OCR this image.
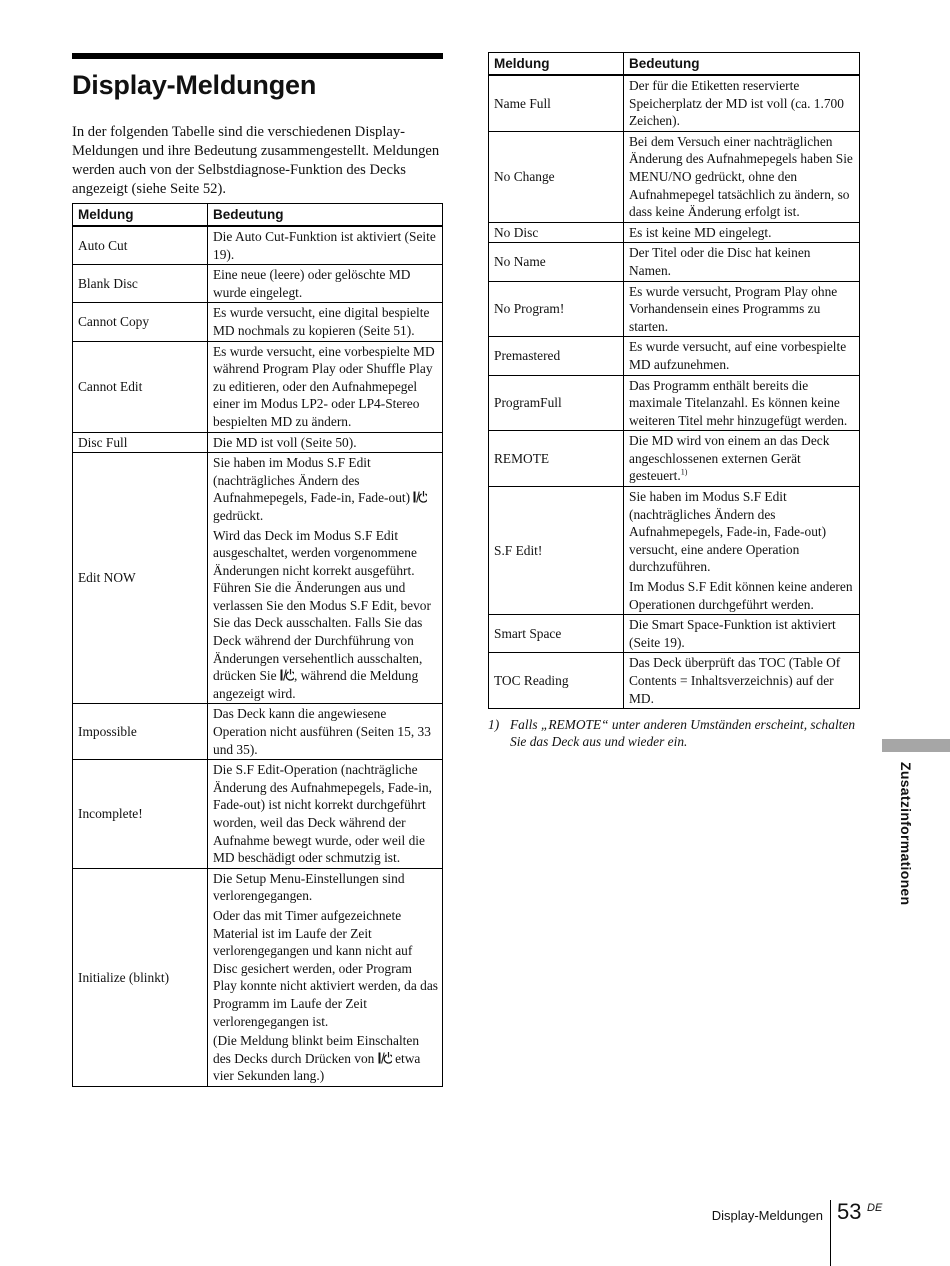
Display-Meldungen

In der folgenden Tabelle sind die verschiedenen Display-Meldungen und ihre Bedeutung zusammengestellt. Meldungen werden auch von der Selbstdiagnose-Funktion des Decks angezeigt (siehe Seite 52).

Meldung	Bedeutung
Auto Cut	Die Auto Cut-Funktion ist aktiviert (Seite 19).

Blank Disc	Eine neue (leere) oder gelöschte MD wurde eingelegt.

Cannot Copy	Es wurde versucht, eine digital bespielte MD nochmals zu kopieren (Seite 51).

Cannot Edit	Es wurde versucht, eine vorbespielte MD während Program Play oder Shuffle Play zu editieren, oder den Aufnahmepegel einer im Modus LP2- oder LP4-Stereo bespielten MD zu ändern.

Disc Full	Die MD ist voll (Seite 50).

Edit NOW	Sie haben im Modus S.F Edit (nachträgliches Ändern des Aufnahmepegels, Fade-in, Fade-out)  gedrückt.

Wird das Deck im Modus S.F Edit ausgeschaltet, werden vorgenommene Änderungen nicht korrekt ausgeführt. Führen Sie die Änderungen aus und verlassen Sie den Modus S.F Edit, bevor Sie das Deck ausschalten. Falls Sie das Deck während der Durchführung von Änderungen versehentlich ausschalten, drücken Sie , während die Meldung angezeigt wird.

Impossible	Das Deck kann die angewiesene Operation nicht ausführen (Seiten 15, 33 und 35).

Incomplete!	Die S.F Edit-Operation (nachträgliche Änderung des Aufnahmepegels, Fade-in, Fade-out) ist nicht korrekt durchgeführt worden, weil das Deck während der Aufnahme bewegt wurde, oder weil die MD beschädigt oder schmutzig ist.

Initialize (blinkt)	Die Setup Menu-Einstellungen sind verlorengegangen.

Oder das mit Timer aufgezeichnete Material ist im Laufe der Zeit verlorengegangen und kann nicht auf Disc gesichert werden, oder Program Play konnte nicht aktiviert werden, da das Programm im Laufe der Zeit verlorengegangen ist.

(Die Meldung blinkt beim Einschalten des Decks durch Drücken von  etwa vier Sekunden lang.)

Meldung	Bedeutung
Name Full	Der für die Etiketten reservierte Speicherplatz der MD ist voll (ca. 1.700 Zeichen).

No Change	Bei dem Versuch einer nachträglichen Änderung des Aufnahmepegels haben Sie MENU/NO gedrückt, ohne den Aufnahmepegel tatsächlich zu ändern, so dass keine Änderung erfolgt ist.

No Disc	Es ist keine MD eingelegt.

No Name	Der Titel oder die Disc hat keinen Namen.

No Program!	Es wurde versucht, Program Play ohne Vorhandensein eines Programms zu starten.

Premastered	Es wurde versucht, auf eine vorbespielte MD aufzunehmen.

ProgramFull	Das Programm enthält bereits die maximale Titelanzahl. Es können keine weiteren Titel mehr hinzugefügt werden.

REMOTE	Die MD wird von einem an das Deck angeschlossenen externen Gerät gesteuert.$^{1)}$

S.F Edit!	Sie haben im Modus S.F Edit (nachträgliches Ändern des Aufnahmepegels, Fade-in, Fade-out) versucht, eine andere Operation durchzuführen.

Im Modus S.F Edit können keine anderen Operationen durchgeführt werden.

Smart Space	Die Smart Space-Funktion ist aktiviert (Seite 19).

TOC Reading	Das Deck überprüft das TOC (Table Of Contents = Inhaltsverzeichnis) auf der MD.

1) Falls „REMOTE“ unter anderen Umständen erscheint, schalten Sie das Deck aus und wieder ein.
Zusatzinformationen
Display-Meldungen 53 DE
